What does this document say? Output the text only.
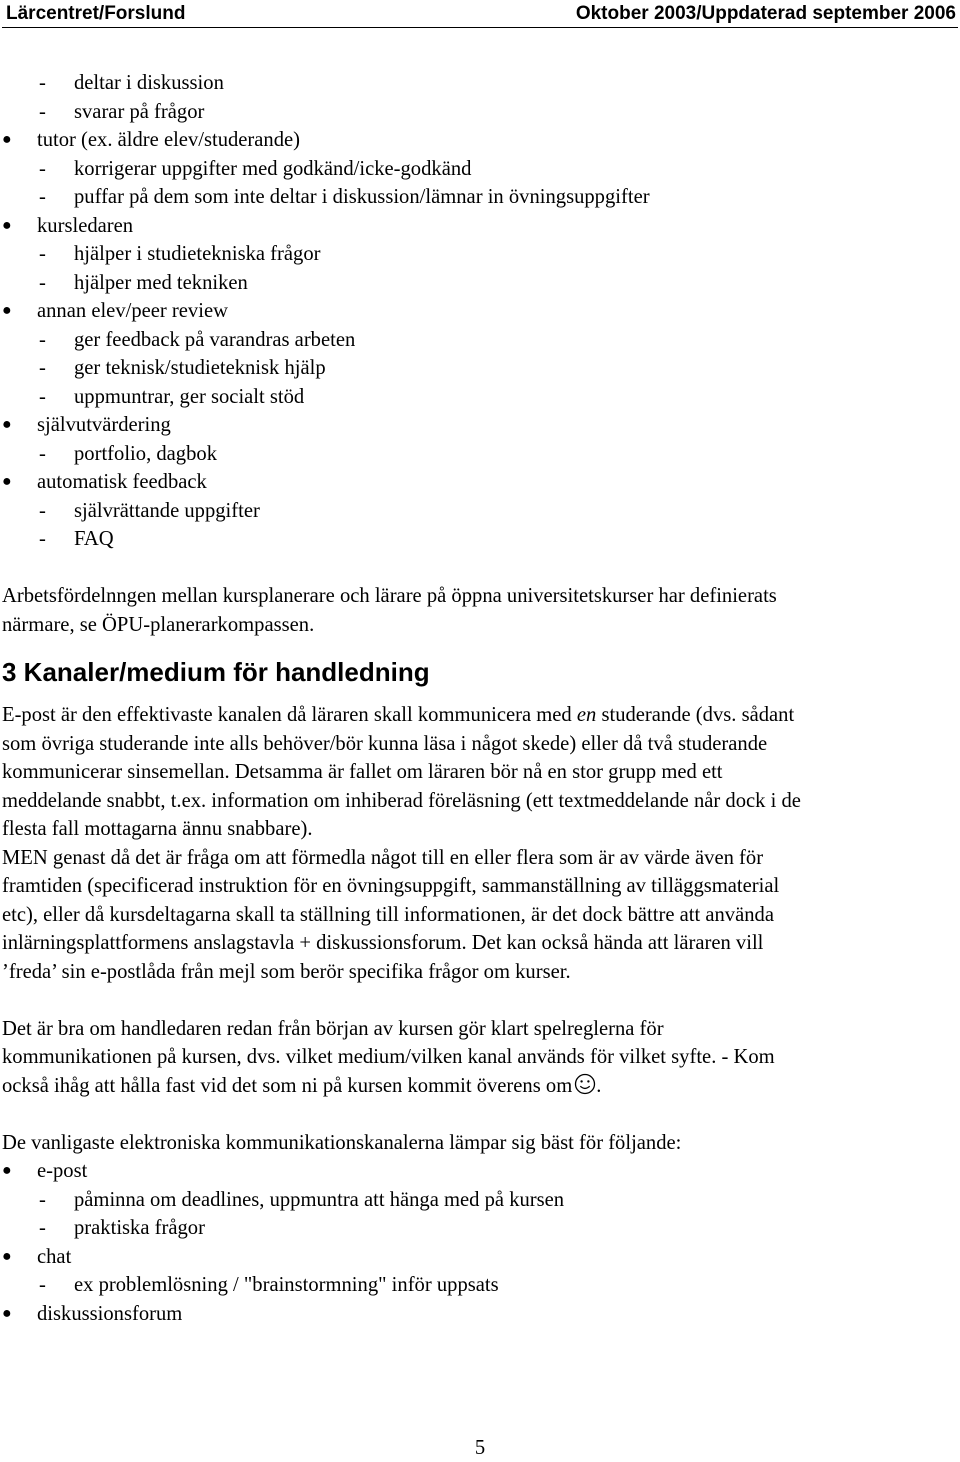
Lärcentret/Forslund	Oktober 2003/Uppdaterad september 2006
- deltar i diskussion
- svarar på frågor
● tutor (ex. äldre elev/studerande)
- korrigerar uppgifter med godkänd/icke-godkänd
- puffar på dem som inte deltar i diskussion/lämnar in övningsuppgifter
● kursledaren
- hjälper i studietekniska frågor
- hjälper med tekniken
● annan elev/peer review
- ger feedback på varandras arbeten
- ger teknisk/studieteknisk hjälp
- uppmuntrar, ger socialt stöd
● självutvärdering
- portfolio, dagbok
● automatisk feedback
- självrättande uppgifter
- FAQ
Arbetsfördelnngen mellan kursplanerare och lärare på öppna universitetskurser har definierats
närmare, se ÖPU-planerarkompassen.
3 Kanaler/medium för handledning
E-post är den effektivaste kanalen då läraren skall kommunicera med en studerande (dvs. sådant
som övriga studerande inte alls behöver/bör kunna läsa i något skede) eller då två studerande
kommunicerar sinsemellan. Detsamma är fallet om läraren bör nå en stor grupp med ett
meddelande snabbt, t.ex. information om inhiberad föreläsning (ett textmeddelande når dock i de
flesta fall mottagarna ännu snabbare).
MEN genast då det är fråga om att förmedla något till en eller flera som är av värde även för
framtiden (specificerad instruktion för en övningsuppgift, sammanställning av tilläggsmaterial
etc), eller då kursdeltagarna skall ta ställning till informationen, är det dock bättre att använda
inlärningsplattformens anslagstavla + diskussionsforum. Det kan också hända att läraren vill
’freda’ sin e-postlåda från mejl som berör specifika frågor om kurser.
Det är bra om handledaren redan från början av kursen gör klart spelreglerna för
kommunikationen på kursen, dvs. vilket medium/vilken kanal används för vilket syfte. - Kom
också ihåg att hålla fast vid det som ni på kursen kommit överens om .
De vanligaste elektroniska kommunikationskanalerna lämpar sig bäst för följande:
● e-post
- påminna om deadlines, uppmuntra att hänga med på kursen
- praktiska frågor
● chat
- ex problemlösning / "brainstormning" inför uppsats
● diskussionsforum
5
